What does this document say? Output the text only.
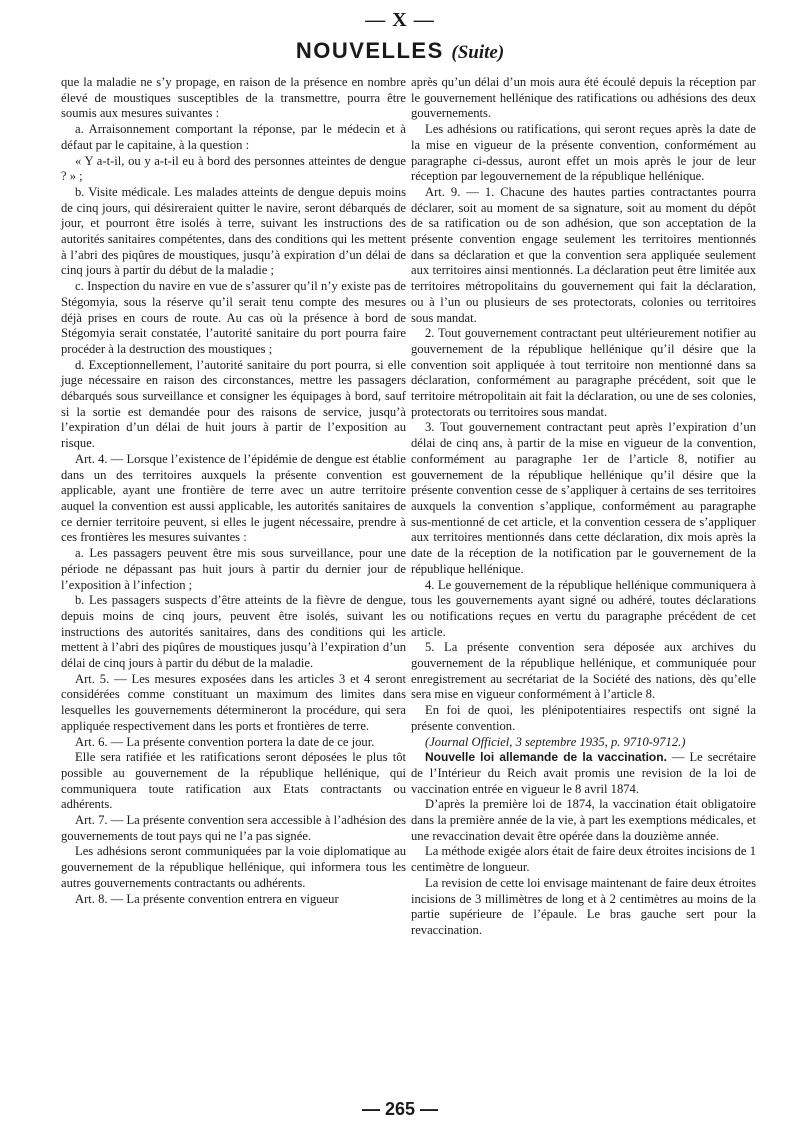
— X —
NOUVELLES (Suite)

que la maladie ne s’y propage, en raison de la présence en nombre élevé de moustiques susceptibles de la transmettre, pourra être soumis aux mesures suivantes :

a. Arraisonnement comportant la réponse, par le médecin et à défaut par le capitaine, à la question :

« Y a-t-il, ou y a-t-il eu à bord des personnes atteintes de dengue ? » ;

b. Visite médicale. Les malades atteints de dengue depuis moins de cinq jours, qui désireraient quitter le navire, seront débarqués de jour, et pourront être isolés à terre, suivant les instructions des autorités sanitaires compétentes, dans des conditions qui les mettent à l’abri des piqûres de moustiques, jusqu’à expiration d’un délai de cinq jours à partir du début de la maladie ;

c. Inspection du navire en vue de s’assurer qu’il n’y existe pas de Stégomyia, sous la réserve qu’il serait tenu compte des mesures déjà prises en cours de route. Au cas où la présence à bord de Stégomyia serait constatée, l’autorité sanitaire du port pourra faire procéder à la destruction des moustiques ;

d. Exceptionnellement, l’autorité sanitaire du port pourra, si elle juge nécessaire en raison des circonstances, mettre les passagers débarqués sous surveillance et consigner les équipages à bord, sauf si la sortie est demandée pour des raisons de service, jusqu’à l’expiration d’un délai de huit jours à partir de l’exposition au risque.

Art. 4. — Lorsque l’existence de l’épidémie de dengue est établie dans un des territoires auxquels la présente convention est applicable, ayant une frontière de terre avec un autre territoire auquel la convention est aussi applicable, les autorités sanitaires de ce dernier territoire peuvent, si elles le jugent nécessaire, prendre à ces frontières les mesures suivantes :

a. Les passagers peuvent être mis sous surveillance, pour une période ne dépassant pas huit jours à partir du dernier jour de l’exposition à l’infection ;

b. Les passagers suspects d’être atteints de la fièvre de dengue, depuis moins de cinq jours, peuvent être isolés, suivant les instructions des autorités sanitaires, dans des conditions qui les mettent à l’abri des piqûres de moustiques jusqu’à l’expiration d’un délai de cinq jours à partir du début de la maladie.

Art. 5. — Les mesures exposées dans les articles 3 et 4 seront considérées comme constituant un maximum des limites dans lesquelles les gouvernements détermineront la procédure, qui sera appliquée respectivement dans les ports et frontières de terre.

Art. 6. — La présente convention portera la date de ce jour.

Elle sera ratifiée et les ratifications seront déposées le plus tôt possible au gouvernement de la république hellénique, qui communiquera toute ratification aux Etats contractants ou adhérents.

Art. 7. — La présente convention sera accessible à l’adhésion des gouvernements de tout pays qui ne l’a pas signée.

Les adhésions seront communiquées par la voie diplomatique au gouvernement de la république hellénique, qui informera tous les autres gouvernements contractants ou adhérents.

Art. 8. — La présente convention entrera en vigueur

après qu’un délai d’un mois aura été écoulé depuis la réception par le gouvernement hellénique des ratifications ou adhésions des deux gouvernements.

Les adhésions ou ratifications, qui seront reçues après la date de la mise en vigueur de la présente convention, conformément au paragraphe ci-dessus, auront effet un mois après le jour de leur réception par legouvernement de la république hellénique.

Art. 9. — 1. Chacune des hautes parties contractantes pourra déclarer, soit au moment de sa signature, soit au moment du dépôt de sa ratification ou de son adhésion, que son acceptation de la présente convention engage seulement les territoires mentionnés dans sa déclaration et que la convention sera appliquée seulement aux territoires ainsi mentionnés. La déclaration peut être limitée aux territoires métropolitains du gouvernement qui fait la déclaration, ou à l’un ou plusieurs de ses protectorats, colonies ou territoires sous mandat.

2. Tout gouvernement contractant peut ultérieurement notifier au gouvernement de la république hellénique qu’il désire que la convention soit appliquée à tout territoire non mentionné dans sa déclaration, conformément au paragraphe précédent, soit que le territoire métropolitain ait fait la déclaration, ou une de ses colonies, protectorats ou territoires sous mandat.

3. Tout gouvernement contractant peut après l’expiration d’un délai de cinq ans, à partir de la mise en vigueur de la convention, conformément au paragraphe 1er de l’article 8, notifier au gouvernement de la république hellénique qu’il désire que la présente convention cesse de s’appliquer à certains de ses territoires auxquels la convention s’applique, conformément au paragraphe sus-mentionné de cet article, et la convention cessera de s’appliquer aux territoires mentionnés dans cette déclaration, dix mois après la date de la réception de la notification par le gouvernement de la république hellénique.

4. Le gouvernement de la république hellénique communiquera à tous les gouvernements ayant signé ou adhéré, toutes déclarations ou notifications reçues en vertu du paragraphe précédent de cet article.

5. La présente convention sera déposée aux archives du gouvernement de la république hellénique, et communiquée pour enregistrement au secrétariat de la Société des nations, dès qu’elle sera mise en vigueur conformément à l’article 8.

En foi de quoi, les plénipotentiaires respectifs ont signé la présente convention.

(Journal Officiel, 3 septembre 1935, p. 9710-9712.)

Nouvelle loi allemande de la vaccination. — Le secrétaire de l’Intérieur du Reich avait promis une revision de la loi de vaccination entrée en vigueur le 8 avril 1874.

D’après la première loi de 1874, la vaccination était obligatoire dans la première année de la vie, à part les exemptions médicales, et une revaccination devait être opérée dans la douzième année.

La méthode exigée alors était de faire deux étroites incisions de 1 centimètre de longueur.

La revision de cette loi envisage maintenant de faire deux étroites incisions de 3 millimètres de long et à 2 centimètres au moins de la partie supérieure de l’épaule. Le bras gauche sert pour la revaccination.

— 265 —
